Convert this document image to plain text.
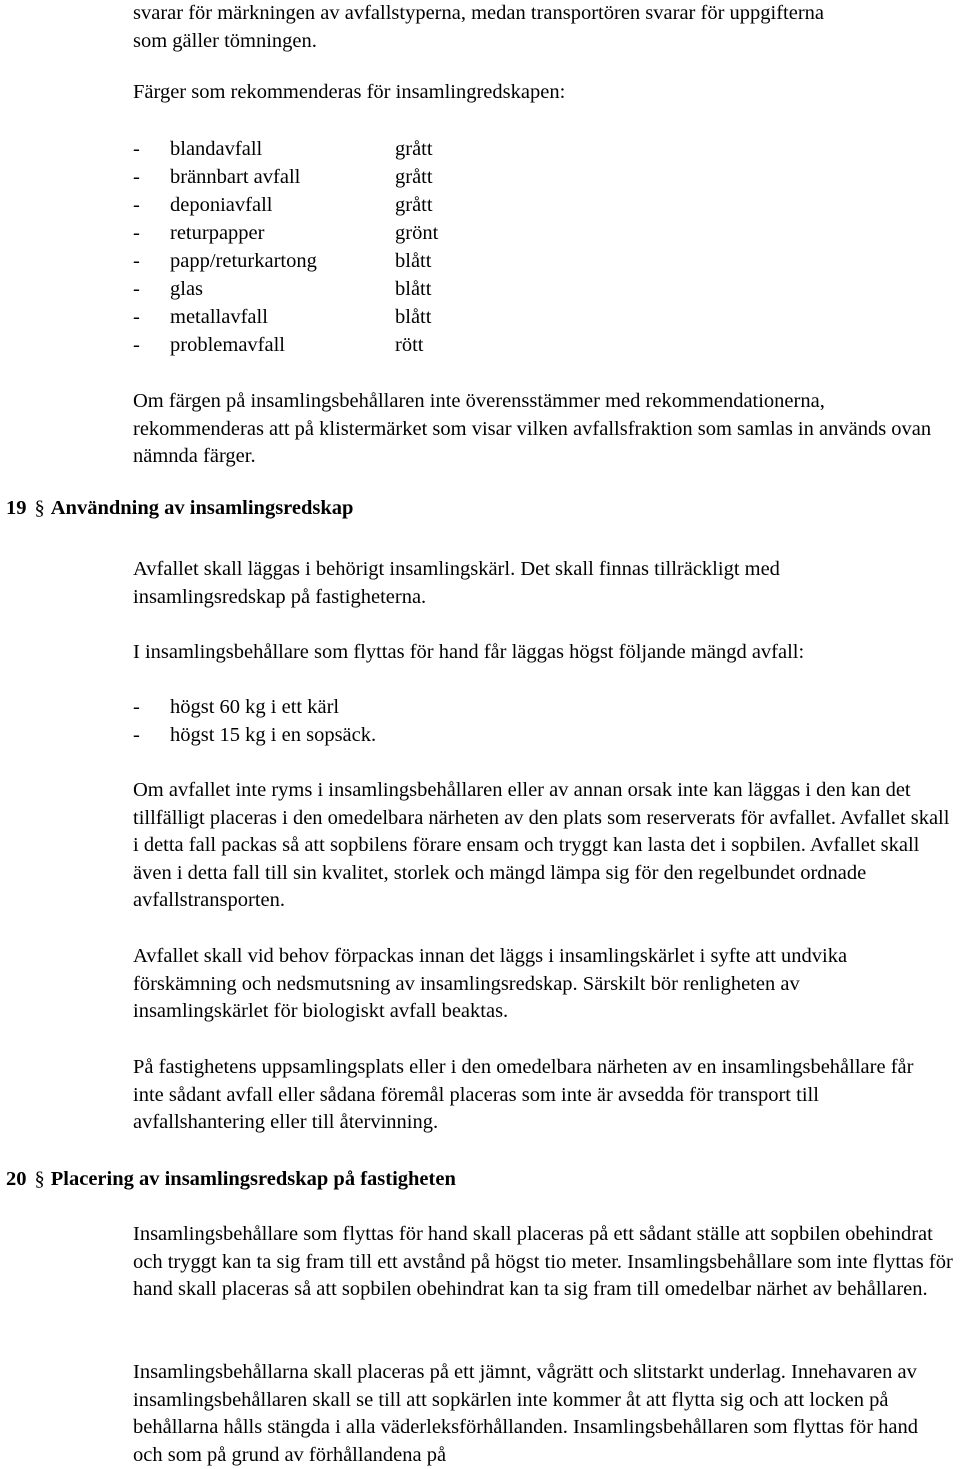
svarar för märkningen av avfallstyperna, medan transportören svarar för uppgifterna
som gäller tömningen.

Färger som rekommenderas för insamlingredskapen:

- blandavfall	grått
- brännbart avfall	grått
- deponiavfall	grått
- returpapper	grönt
- papp/returkartong	blått
- glas	blått
- metallavfall	blått
- problemavfall	rött

Om färgen på insamlingsbehållaren inte överensstämmer med rekommendationerna, rekommenderas att på klistermärket som visar vilken avfallsfraktion som samlas in används ovan nämnda färger.

19 § Användning av insamlingsredskap

Avfallet skall läggas i behörigt insamlingskärl. Det skall finnas tillräckligt med insamlingsredskap på fastigheterna.

I insamlingsbehållare som flyttas för hand får läggas högst följande mängd avfall:

- högst 60 kg i ett kärl
- högst 15 kg i en sopsäck.

Om avfallet inte ryms i insamlingsbehållaren eller av annan orsak inte kan läggas i den kan det tillfälligt placeras i den omedelbara närheten av den plats som reserverats för avfallet. Avfallet skall i detta fall packas så att sopbilens förare ensam och tryggt kan lasta det i sopbilen. Avfallet skall även i detta fall till sin kvalitet, storlek och mängd lämpa sig för den regelbundet ordnade avfallstransporten.

Avfallet skall vid behov förpackas innan det läggs i insamlingskärlet i syfte att undvika förskämning och nedsmutsning av insamlingsredskap. Särskilt bör renligheten av insamlingskärlet för biologiskt avfall beaktas.

På fastighetens uppsamlingsplats eller i den omedelbara närheten av en insamlingsbehållare får inte sådant avfall eller sådana föremål placeras som inte är avsedda för transport till avfallshantering eller till återvinning.

20 § Placering av insamlingsredskap på fastigheten

Insamlingsbehållare som flyttas för hand skall placeras på ett sådant ställe att sopbilen obehindrat och tryggt kan ta sig fram till ett avstånd på högst tio meter. Insamlingsbehållare som inte flyttas för hand skall placeras så att sopbilen obehindrat kan ta sig fram till omedelbar närhet av behållaren.

Insamlingsbehållarna skall placeras på ett jämnt, vågrätt och slitstarkt underlag. Innehavaren av insamlingsbehållaren skall se till att sopkärlen inte kommer åt att flytta sig och att locken på behållarna hålls stängda i alla väderleksförhållanden. Insamlingsbehållaren som flyttas för hand och som på grund av förhållandena på
